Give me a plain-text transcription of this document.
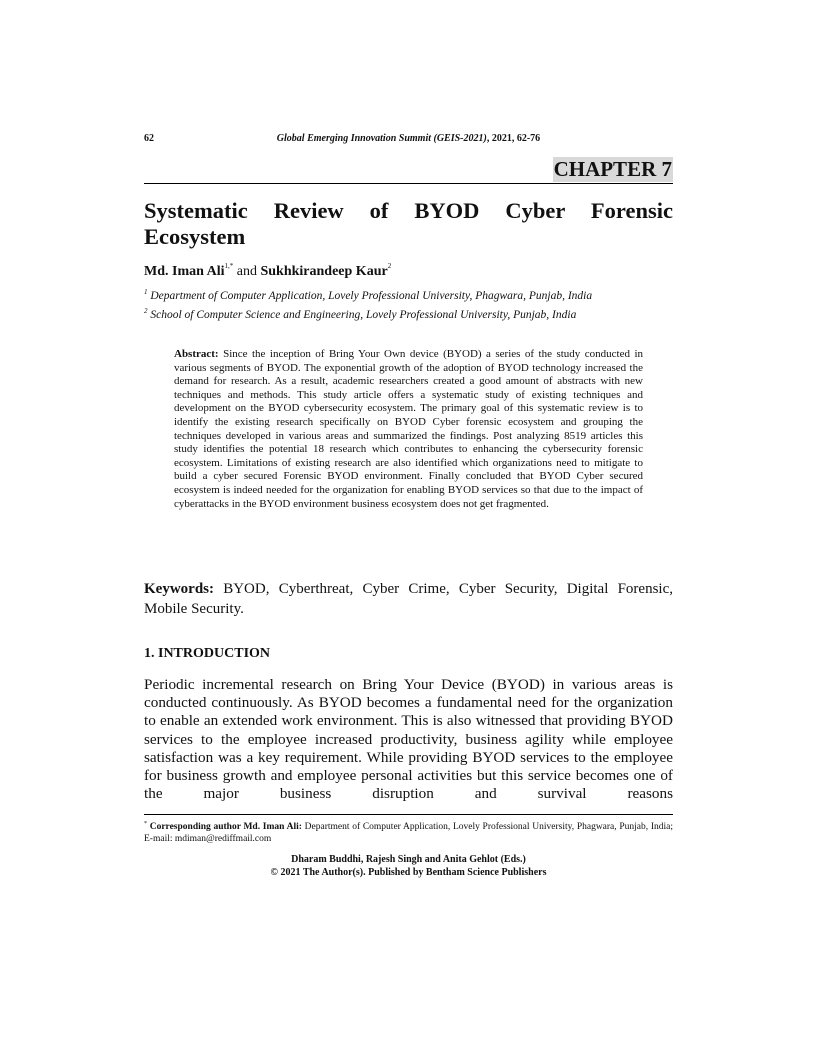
62	Global Emerging Innovation Summit (GEIS-2021), 2021, 62-76
CHAPTER 7
Systematic Review of BYOD Cyber Forensic Ecosystem
Md. Iman Ali$^{1,*}$ and Sukhkirandeep Kaur$^2$
$^1$ Department of Computer Application, Lovely Professional University, Phagwara, Punjab, India
$^2$ School of Computer Science and Engineering, Lovely Professional University, Punjab, India
Abstract: Since the inception of Bring Your Own device (BYOD) a series of the study conducted in various segments of BYOD. The exponential growth of the adoption of BYOD technology increased the demand for research. As a result, academic researchers created a good amount of abstracts with new techniques and methods. This study article offers a systematic study of existing techniques and development on the BYOD cybersecurity ecosystem. The primary goal of this systematic review is to identify the existing research specifically on BYOD Cyber forensic ecosystem and grouping the techniques developed in various areas and summarized the findings. Post analyzing 8519 articles this study identifies the potential 18 research which contributes to enhancing the cybersecurity forensic ecosystem. Limitations of existing research are also identified which organizations need to mitigate to build a cyber secured Forensic BYOD environment. Finally concluded that BYOD Cyber secured ecosystem is indeed needed for the organization for enabling BYOD services so that due to the impact of cyberattacks in the BYOD environment business ecosystem does not get fragmented.
Keywords: BYOD, Cyberthreat, Cyber Crime, Cyber Security, Digital Forensic, Mobile Security.
1. INTRODUCTION
Periodic incremental research on Bring Your Device (BYOD) in various areas is conducted continuously. As BYOD becomes a fundamental need for the organization to enable an extended work environment. This is also witnessed that providing BYOD services to the employee increased productivity, business agility while employee satisfaction was a key requirement. While providing BYOD services to the employee for business growth and employee personal activities but this service becomes one of the major business disruption and survival reasons
* Corresponding author Md. Iman Ali: Department of Computer Application, Lovely Professional University, Phagwara, Punjab, India; E-mail: mdiman@rediffmail.com
Dharam Buddhi, Rajesh Singh and Anita Gehlot (Eds.)
© 2021 The Author(s). Published by Bentham Science Publishers
